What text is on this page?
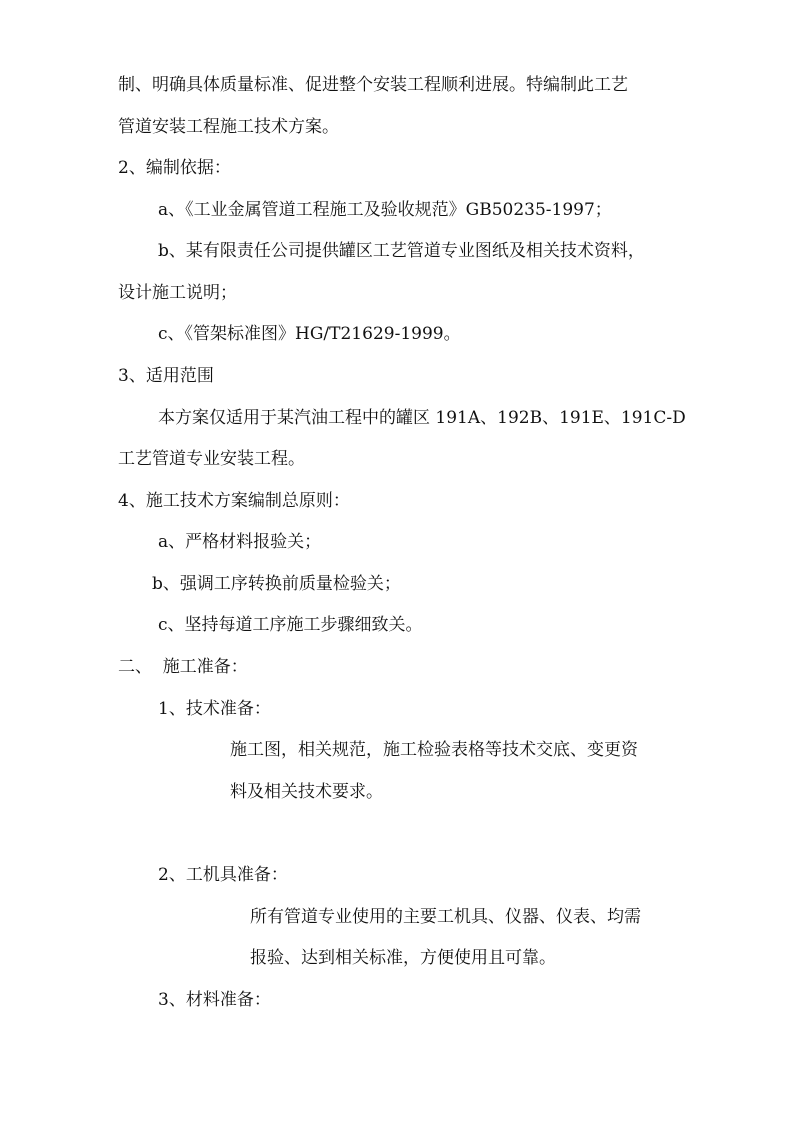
制、明确具体质量标准、促进整个安装工程顺利进展。特编制此工艺

管道安装工程施工技术方案。

2、编制依据：

a、《工业金属管道工程施工及验收规范》GB50235-1997；

b、某有限责任公司提供罐区工艺管道专业图纸及相关技术资料，

设计施工说明；

c、《管架标准图》HG/T21629-1999。

3、适用范围

本方案仅适用于某汽油工程中的罐区 191A、192B、191E、191C-D

工艺管道专业安装工程。

4、施工技术方案编制总原则：

a、严格材料报验关；

b、强调工序转换前质量检验关；

c、坚持每道工序施工步骤细致关。

二、  施工准备：

1、技术准备：

施工图，相关规范，施工检验表格等技术交底、变更资

料及相关技术要求。

2、工机具准备：

所有管道专业使用的主要工机具、仪器、仪表、均需

报验、达到相关标准，方便使用且可靠。

3、材料准备：
